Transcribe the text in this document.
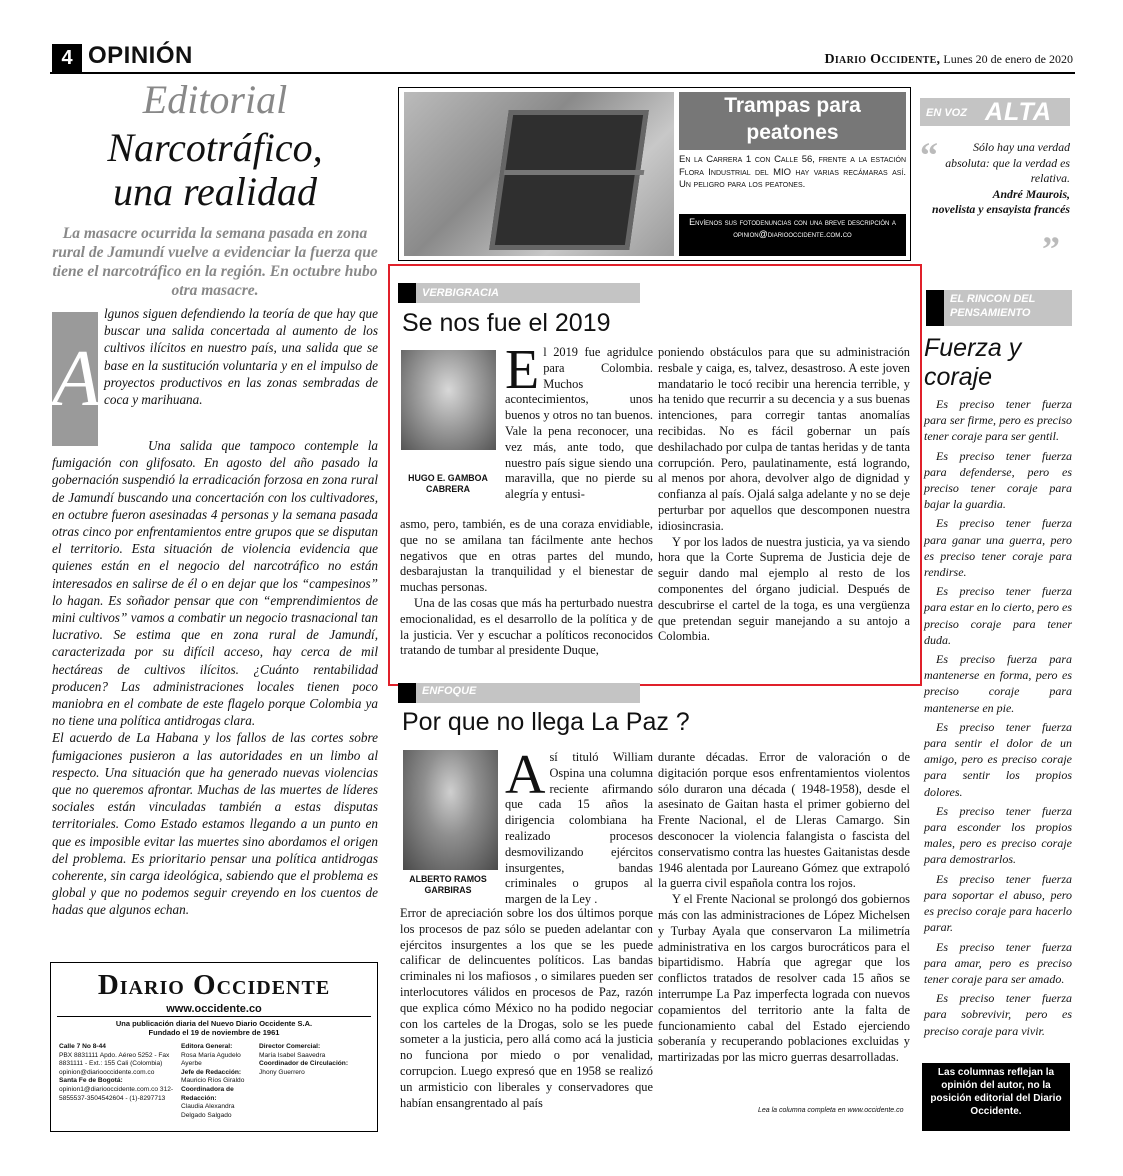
4 OPINIÓN	Diario Occidente, Lunes 20 de enero de 2020
Editorial
Narcotráfico,
una realidad
La masacre ocurrida la semana pasada en zona rural de Jamundí vuelve a evidenciar la fuerza que tiene el narcotráfico en la región. En octubre hubo otra masacre.
A
lgunos siguen defendiendo la teoría de que hay que buscar una salida concertada al aumento de los cultivos ilícitos en nuestro país, una salida que se base en la sustitución voluntaria y en el impulso de proyectos productivos en las zonas sembradas de coca y marihuana.

Una salida que tampoco contemple la fumigación con glifosato. En agosto del año pasado la gobernación suspendió la erradicación forzosa en zona rural de Jamundí buscando una concertación con los cultivadores, en octubre fueron asesinadas 4 personas y la semana pasada otras cinco por enfrentamientos entre grupos que se disputan el territorio. Esta situación de violencia evidencia que quienes están en el negocio del narcotráfico no están interesados en salirse de él o en dejar que los “campesinos” lo hagan. Es soñador pensar que con “emprendimientos de mini cultivos” vamos a combatir un negocio trasnacional tan lucrativo. Se estima que en zona rural de Jamundí, caracterizada por su difícil acceso, hay cerca de mil hectáreas de cultivos ilícitos. ¿Cuánto rentabilidad producen? Las administraciones locales tienen poco maniobra en el combate de este flagelo porque Colombia ya no tiene una política antidrogas clara.

El acuerdo de La Habana y los fallos de las cortes sobre fumigaciones pusieron a las autoridades en un limbo al respecto. Una situación que ha generado nuevas violencias que no queremos afrontar. Muchas de las muertes de líderes sociales están vinculadas también a estas disputas territoriales. Como Estado estamos llegando a un punto en que es imposible evitar las muertes sino abordamos el origen del problema. Es prioritario pensar una política antidrogas coherente, sin carga ideológica, sabiendo que el problema es global y que no podemos seguir creyendo en los cuentos de hadas que algunos echan.

Diario Occidente
www.occidente.co
Una publicación diaria del Nuevo Diario Occidente S.A.
Fundado el 19 de noviembre de 1961
Calle 7 No 8-44
PBX 8831111 Apdo. Aéreo 5252 - Fax 8831111 - Ext.: 155 Cali (Colombia) opinion@diariooccidente.com.co
Santa Fe de Bogotá:
opinion1@diariooccidente.com.co 312-5855537-3504542604 - (1)-8297713
Editora General:
Rosa María Agudelo Ayerbe
Jefe de Redacción:
Mauricio Ríos Giraldo
Coordinadora de Redacción:
Claudia Alexandra Delgado Salgado
Director Comercial:
María Isabel Saavedra
Coordinador de Circulación:
Jhony Guerrero
Trampas para peatones
En la Carrera 1 con Calle 56, frente a la estación Flora Industrial del MIO hay varias recámaras así. Un peligro para los peatones.
Envíenos sus fotodenuncias con una breve descripción a opinion@diariooccidente.com.co
VERBIGRACIA
Se nos fue el 2019
HUGO E. GAMBOA CABRERA
El 2019 fue agridulce para Colombia. Muchos acontecimientos, unos buenos y otros no tan buenos. Vale la pena reconocer, una vez más, ante todo, que nuestro país sigue siendo una maravilla, que no pierde su alegría y entusi-

asmo, pero, también, es de una coraza envidiable, que no se amilana tan fácilmente ante hechos negativos que en otras partes del mundo, desbarajustan la tranquilidad y el bienestar de muchas personas.

Una de las cosas que más ha perturbado nuestra emocionalidad, es el desarrollo de la política y de la justicia. Ver y escuchar a políticos reconocidos tratando de tumbar al presidente Duque,

poniendo obstáculos para que su administración resbale y caiga, es, talvez, desastroso. A este joven mandatario le tocó recibir una herencia terrible, y ha tenido que recurrir a su decencia y a sus buenas intenciones, para corregir tantas anomalías recibidas. No es fácil gobernar un país deshilachado por culpa de tantas heridas y de tanta corrupción. Pero, paulatinamente, está logrando, al menos por ahora, devolver algo de dignidad y confianza al país. Ojalá salga adelante y no se deje perturbar por aquellos que descomponen nuestra idiosincrasia.

Y por los lados de nuestra justicia, ya va siendo hora que la Corte Suprema de Justicia deje de seguir dando mal ejemplo al resto de los componentes del órgano judicial. Después de descubrirse el cartel de la toga, es una vergüenza que pretendan seguir manejando a su antojo a Colombia.

ENFOQUE
Por que no llega La Paz ?
ALBERTO RAMOS GARBIRAS
Así tituló William Ospina una columna reciente afirmando que cada 15 años la dirigencia colombiana ha realizado procesos desmovilizando ejércitos insurgentes, bandas criminales o grupos al margen de la Ley .
Error de apreciación sobre los dos últimos porque los procesos de paz sólo se pueden adelantar con ejércitos insurgentes a los que se les puede calificar de delincuentes políticos. Las bandas criminales ni los mafiosos , o similares pueden ser interlocutores válidos en procesos de Paz, razón que explica cómo México no ha podido negociar con los carteles de la Drogas, solo se les puede someter a la justicia, pero allá como acá la justicia no funciona por miedo o por venalidad, corrupcion. Luego expresó que en 1958 se realizó un armisticio con liberales y conservadores que habían ensangrentado al país

durante décadas. Error de valoración o de digitación porque esos enfrentamientos violentos sólo duraron una década ( 1948-1958), desde el asesinato de Gaitan hasta el primer gobierno del Frente Nacional, el de Lleras Camargo. Sin desconocer la violencia falangista o fascista del conservatismo contra las huestes Gaitanistas desde 1946 alentada por Laureano Gómez que extrapoló la guerra civil española contra los rojos.

Y el Frente Nacional se prolongó dos gobiernos más con las administraciones de López Michelsen y Turbay Ayala que conservaron La milimetría administrativa en los cargos burocráticos para el bipartidismo. Habría que agregar que los conflictos tratados de resolver cada 15 años se interrumpe La Paz imperfecta lograda con nuevos copamientos del territorio ante la falta de funcionamiento cabal del Estado ejerciendo soberanía y recuperando poblaciones excluidas y martirizadas por las micro guerras desarrolladas.

Lea la columna completa en www.occidente.co
EN VOZ ALTA
“	Sólo hay una verdad absoluta: que la verdad es relativa.
André Maurois,
novelista y ensayista francés
”
EL RINCON DEL PENSAMIENTO
Fuerza y
coraje

Es preciso tener fuerza para ser firme, pero es preciso tener coraje para ser gentil.

Es preciso tener fuerza para defenderse, pero es preciso tener coraje para bajar la guardia.

Es preciso tener fuerza para ganar una guerra, pero es preciso tener coraje para rendirse.

Es preciso tener fuerza para estar en lo cierto, pero es preciso coraje para tener duda.

Es preciso fuerza para mantenerse en forma, pero es preciso coraje para mantenerse en pie.

Es preciso tener fuerza para sentir el dolor de un amigo, pero es preciso coraje para sentir los propios dolores.

Es preciso tener fuerza para esconder los propios males, pero es preciso coraje para demostrarlos.

Es preciso tener fuerza para soportar el abuso, pero es preciso coraje para hacerlo parar.

Es preciso tener fuerza para amar, pero es preciso tener coraje para ser amado.

Es preciso tener fuerza para sobrevivir, pero es preciso coraje para vivir.

Las columnas reflejan la opinión del autor, no la posición editorial del Diario Occidente.
